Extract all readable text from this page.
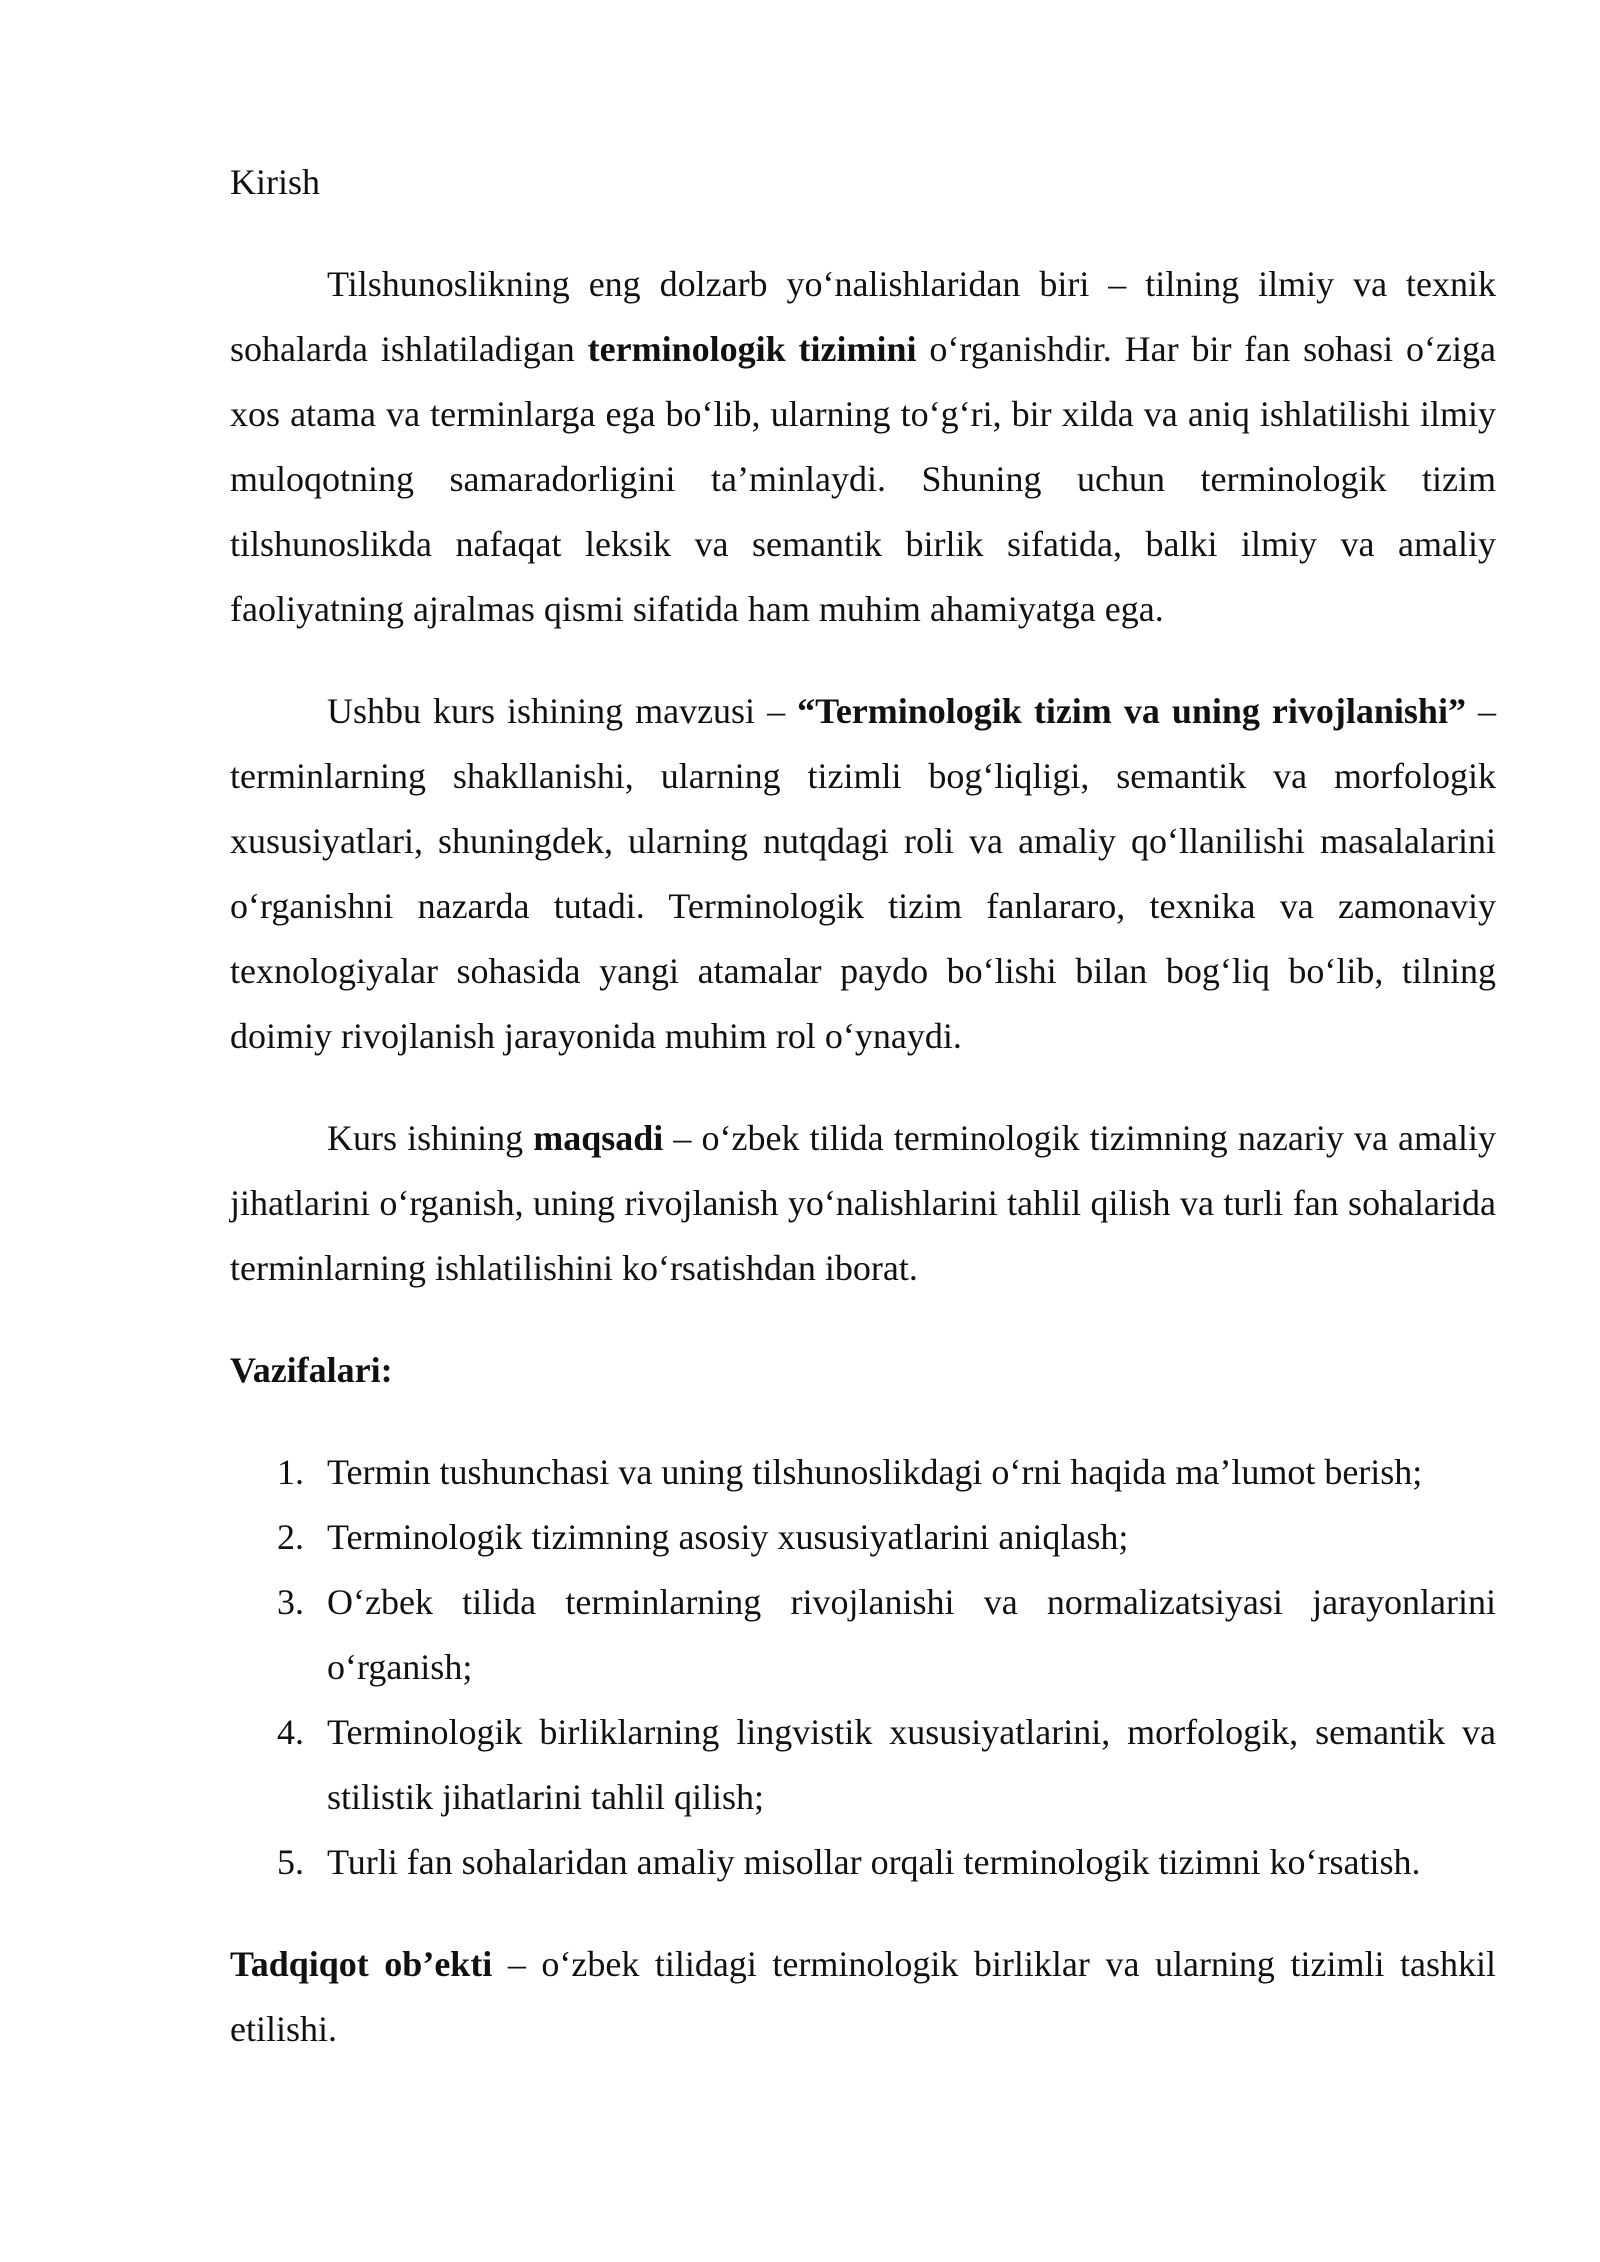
Kirish

Tilshunoslikning eng dolzarb yo‘nalishlaridan biri – tilning ilmiy va texnik sohalarda ishlatiladigan terminologik tizimini o‘rganishdir. Har bir fan sohasi o‘ziga xos atama va terminlarga ega bo‘lib, ularning to‘g‘ri, bir xilda va aniq ishlatilishi ilmiy muloqotning samaradorligini ta’minlaydi. Shuning uchun terminologik tizim tilshunoslikda nafaqat leksik va semantik birlik sifatida, balki ilmiy va amaliy faoliyatning ajralmas qismi sifatida ham muhim ahamiyatga ega.

Ushbu kurs ishining mavzusi – “Terminologik tizim va uning rivojlanishi” – terminlarning shakllanishi, ularning tizimli bog‘liqligi, semantik va morfologik xususiyatlari, shuningdek, ularning nutqdagi roli va amaliy qo‘llanilishi masalalarini o‘rganishni nazarda tutadi. Terminologik tizim fanlararo, texnika va zamonaviy texnologiyalar sohasida yangi atamalar paydo bo‘lishi bilan bog‘liq bo‘lib, tilning doimiy rivojlanish jarayonida muhim rol o‘ynaydi.

Kurs ishining maqsadi – o‘zbek tilida terminologik tizimning nazariy va amaliy jihatlarini o‘rganish, uning rivojlanish yo‘nalishlarini tahlil qilish va turli fan sohalarida terminlarning ishlatilishini ko‘rsatishdan iborat.

Vazifalari:

1. Termin tushunchasi va uning tilshunoslikdagi o‘rni haqida ma’lumot berish;
2. Terminologik tizimning asosiy xususiyatlarini aniqlash;
3. O‘zbek tilida terminlarning rivojlanishi va normalizatsiyasi jarayonlarini o‘rganish;
4. Terminologik birliklarning lingvistik xususiyatlarini, morfologik, semantik va stilistik jihatlarini tahlil qilish;
5. Turli fan sohalaridan amaliy misollar orqali terminologik tizimni ko‘rsatish.

Tadqiqot ob’ekti – o‘zbek tilidagi terminologik birliklar va ularning tizimli tashkil etilishi.
